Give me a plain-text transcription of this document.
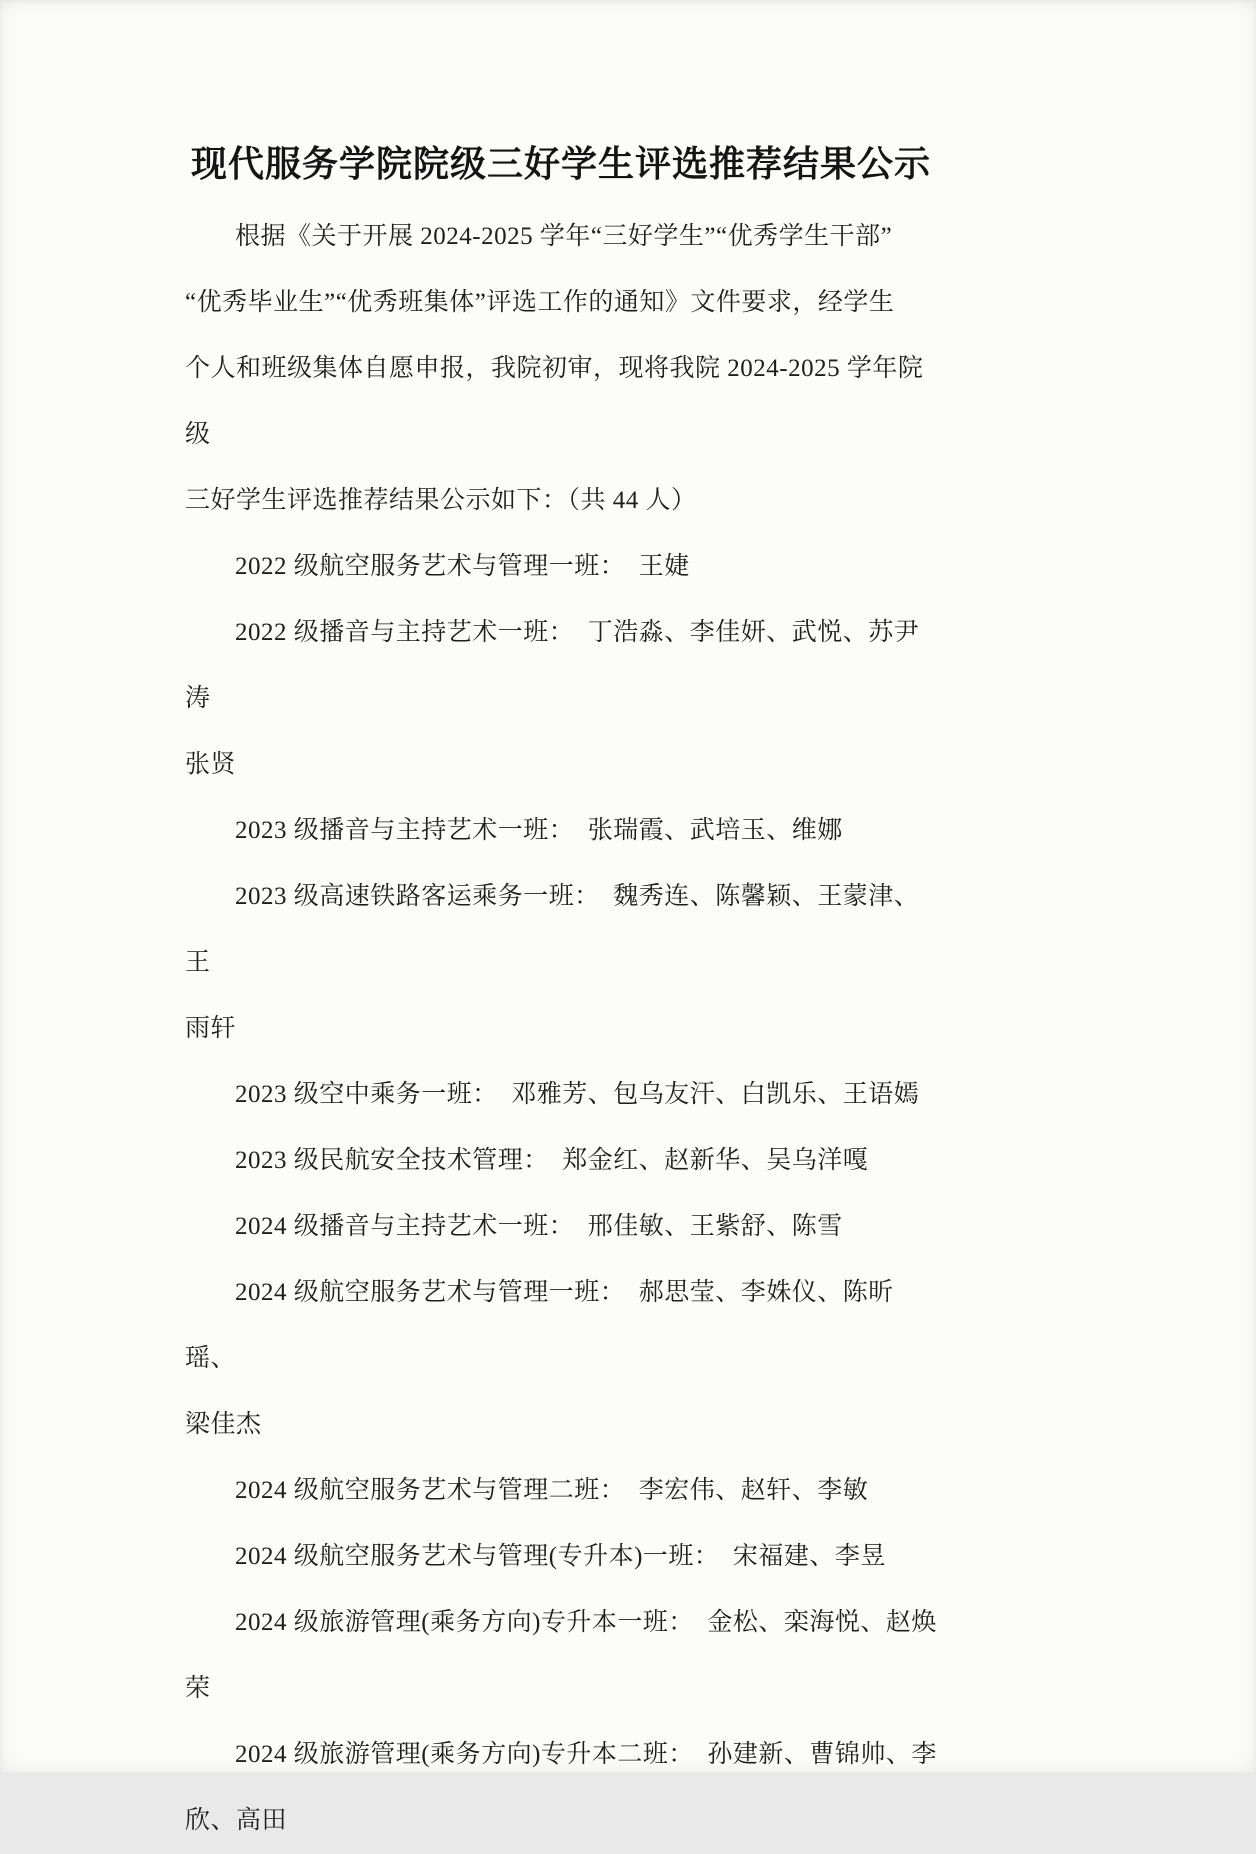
现代服务学院院级三好学生评选推荐结果公示
根据《关于开展 2024-2025 学年“三好学生”“优秀学生干部”
“优秀毕业生”“优秀班集体”评选工作的通知》文件要求，经学生
个人和班级集体自愿申报，我院初审，现将我院 2024-2025 学年院级
三好学生评选推荐结果公示如下：（共 44 人）
2022 级航空服务艺术与管理一班：  王婕
2022 级播音与主持艺术一班：  丁浩淼、李佳妍、武悦、苏尹涛
张贤
2023 级播音与主持艺术一班：  张瑞霞、武培玉、维娜
2023 级高速铁路客运乘务一班：  魏秀连、陈馨颖、王蒙津、王
雨轩
2023 级空中乘务一班：  邓雅芳、包乌友汗、白凯乐、王语嫣
2023 级民航安全技术管理：  郑金红、赵新华、吴乌洋嘎
2024 级播音与主持艺术一班：  邢佳敏、王紫舒、陈雪
2024 级航空服务艺术与管理一班：  郝思莹、李姝仪、陈昕瑶、
梁佳杰
2024 级航空服务艺术与管理二班：  李宏伟、赵轩、李敏
2024 级航空服务艺术与管理(专升本)一班：  宋福建、李昱
2024 级旅游管理(乘务方向)专升本一班：  金松、栾海悦、赵焕
荣
2024 级旅游管理(乘务方向)专升本二班：  孙建新、曹锦帅、李
欣、高田
